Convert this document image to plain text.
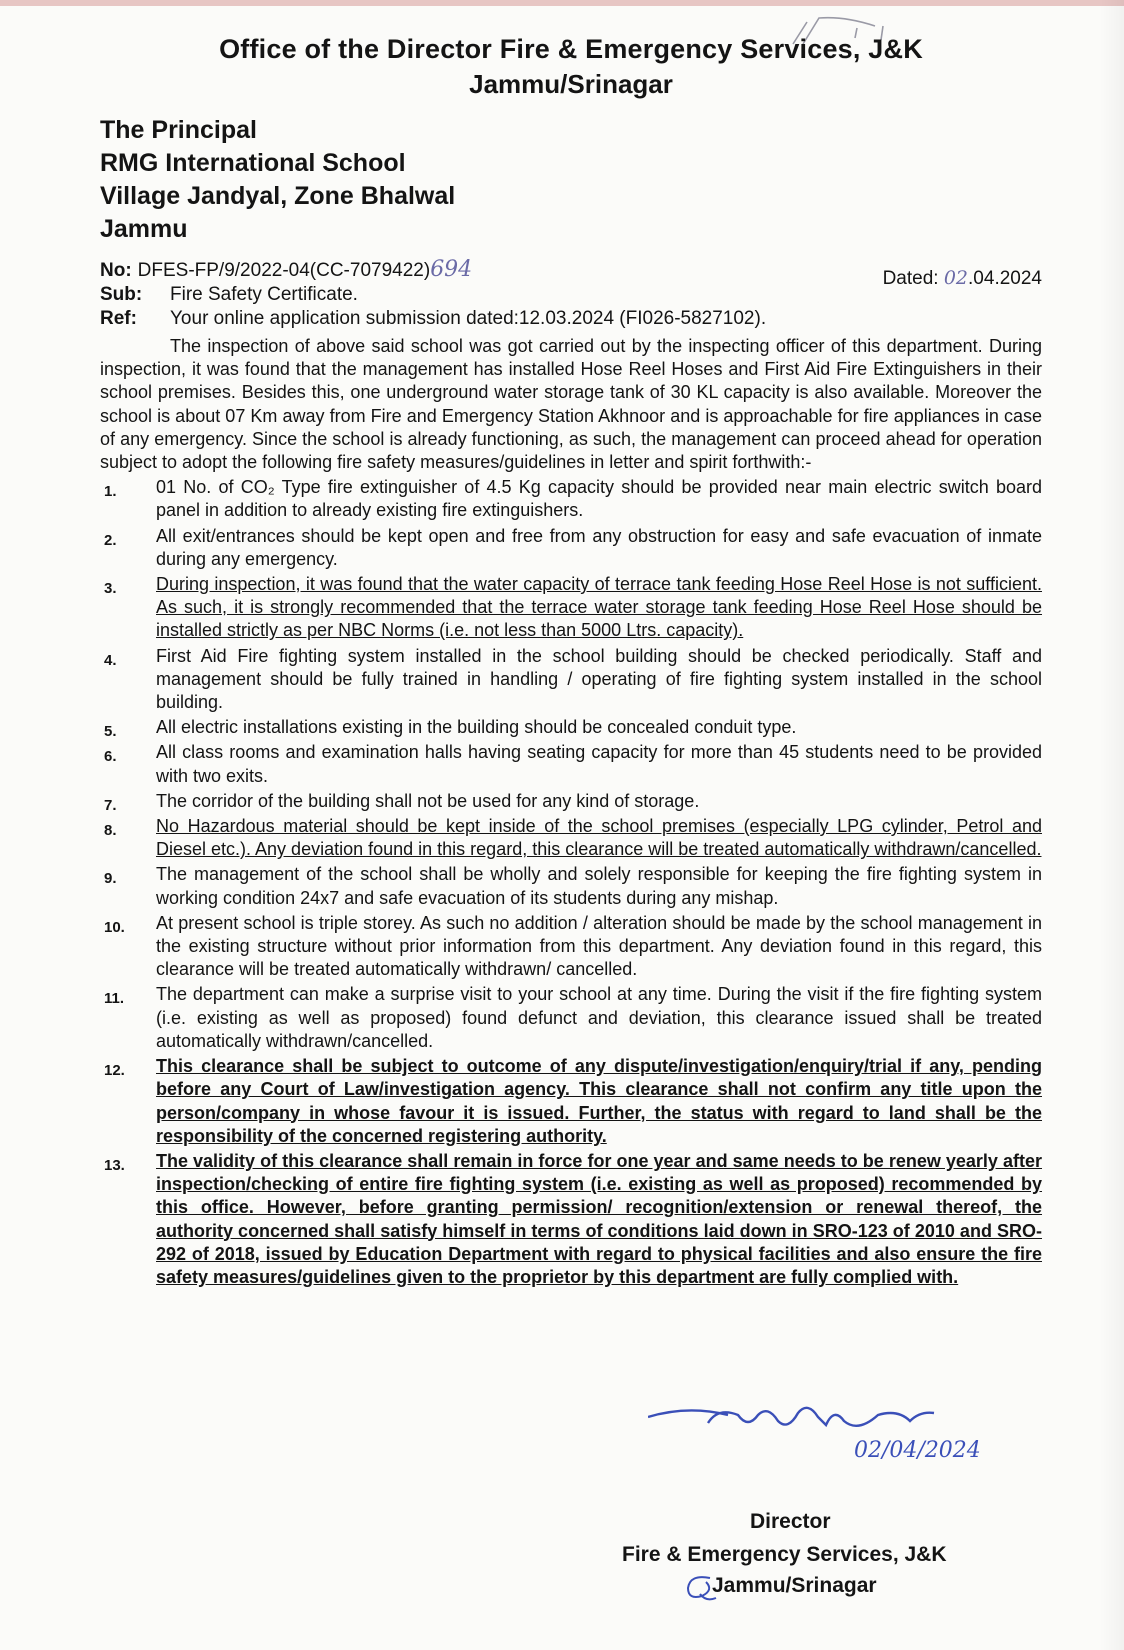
Office of the Director Fire & Emergency Services, J&K
Jammu/Srinagar
The Principal
RMG International School
Village Jandyal, Zone Bhalwal
Jammu
No: DFES-FP/9/2022-04(CC-7079422)694	Dated: 02.04.2024
Sub: Fire Safety Certificate.
Ref: Your online application submission dated:12.03.2024 (FI026-5827102).
The inspection of above said school was got carried out by the inspecting officer of this department. During inspection, it was found that the management has installed Hose Reel Hoses and First Aid Fire Extinguishers in their school premises. Besides this, one underground water storage tank of 30 KL capacity is also available. Moreover the school is about 07 Km away from Fire and Emergency Station Akhnoor and is approachable for fire appliances in case of any emergency. Since the school is already functioning, as such, the management can proceed ahead for operation subject to adopt the following fire safety measures/guidelines in letter and spirit forthwith:-
1. 01 No. of CO₂ Type fire extinguisher of 4.5 Kg capacity should be provided near main electric switch board panel in addition to already existing fire extinguishers.
2. All exit/entrances should be kept open and free from any obstruction for easy and safe evacuation of inmate during any emergency.
3. During inspection, it was found that the water capacity of terrace tank feeding Hose Reel Hose is not sufficient. As such, it is strongly recommended that the terrace water storage tank feeding Hose Reel Hose should be installed strictly as per NBC Norms (i.e. not less than 5000 Ltrs. capacity).
4. First Aid Fire fighting system installed in the school building should be checked periodically. Staff and management should be fully trained in handling / operating of fire fighting system installed in the school building.
5. All electric installations existing in the building should be concealed conduit type.
6. All class rooms and examination halls having seating capacity for more than 45 students need to be provided with two exits.
7. The corridor of the building shall not be used for any kind of storage.
8. No Hazardous material should be kept inside of the school premises (especially LPG cylinder, Petrol and Diesel etc.). Any deviation found in this regard, this clearance will be treated automatically withdrawn/cancelled.
9. The management of the school shall be wholly and solely responsible for keeping the fire fighting system in working condition 24x7 and safe evacuation of its students during any mishap.
10. At present school is triple storey. As such no addition / alteration should be made by the school management in the existing structure without prior information from this department. Any deviation found in this regard, this clearance will be treated automatically withdrawn/ cancelled.
11. The department can make a surprise visit to your school at any time. During the visit if the fire fighting system (i.e. existing as well as proposed) found defunct and deviation, this clearance issued shall be treated automatically withdrawn/cancelled.
12. This clearance shall be subject to outcome of any dispute/investigation/enquiry/trial if any, pending before any Court of Law/investigation agency. This clearance shall not confirm any title upon the person/company in whose favour it is issued. Further, the status with regard to land shall be the responsibility of the concerned registering authority.
13. The validity of this clearance shall remain in force for one year and same needs to be renew yearly after inspection/checking of entire fire fighting system (i.e. existing as well as proposed) recommended by this office. However, before granting permission/ recognition/extension or renewal thereof, the authority concerned shall satisfy himself in terms of conditions laid down in SRO-123 of 2010 and SRO-292 of 2018, issued by Education Department with regard to physical facilities and also ensure the fire safety measures/guidelines given to the proprietor by this department are fully complied with.
02/04/2024
Director
Fire & Emergency Services, J&K
Jammu/Srinagar
